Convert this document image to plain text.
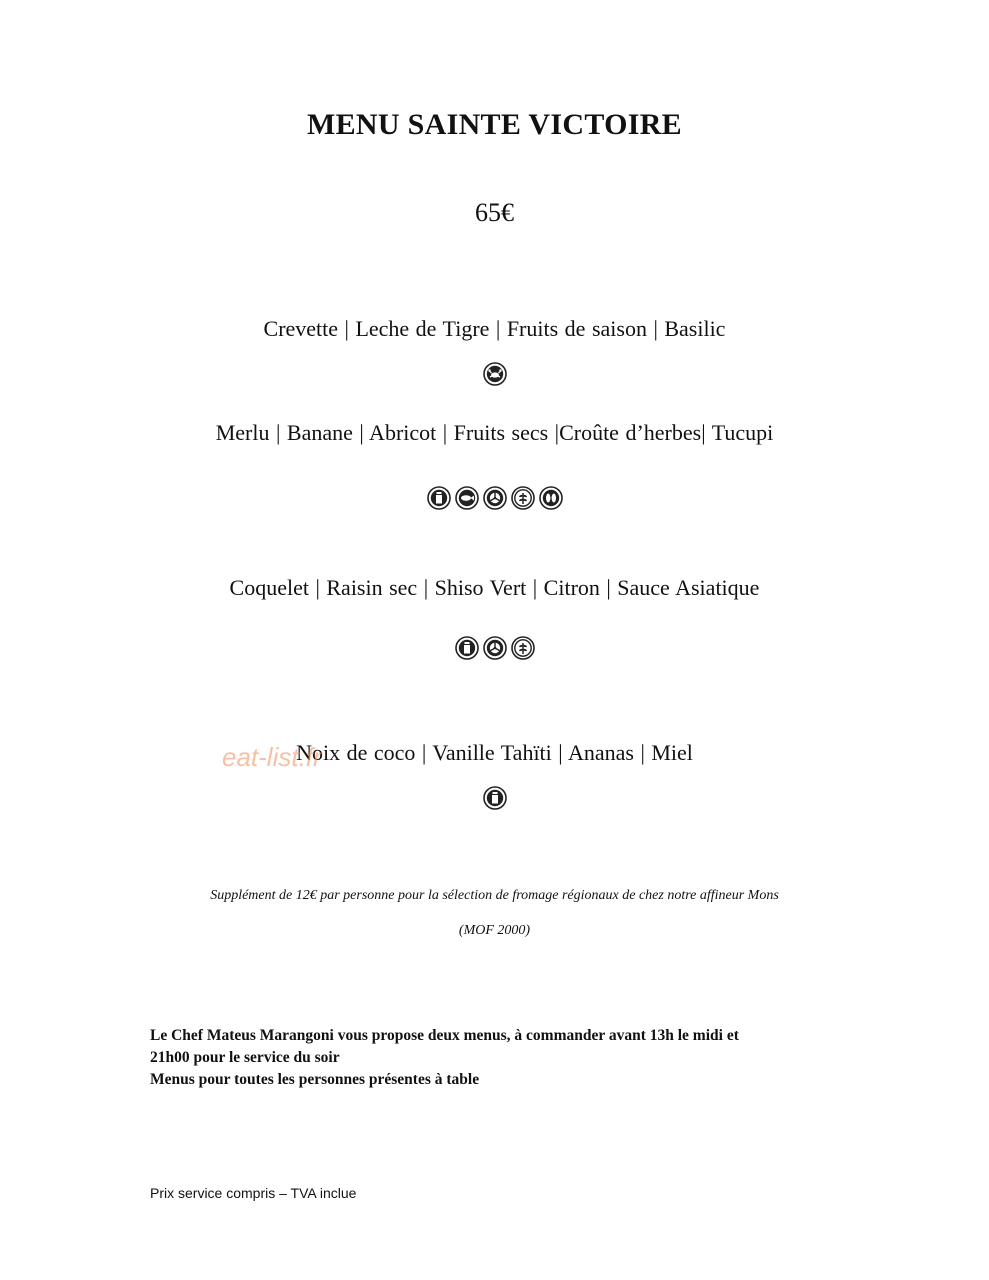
MENU SAINTE VICTOIRE
65€
Crevette | Leche de Tigre | Fruits de saison | Basilic
Merlu | Banane | Abricot | Fruits secs |Croûte d’herbes| Tucupi
Coquelet | Raisin sec | Shiso Vert | Citron | Sauce Asiatique
Noix de coco | Vanille Tahïti | Ananas | Miel
eat-list.fr
Supplément de 12€ par personne pour la sélection de fromage régionaux de chez notre affineur Mons
(MOF 2000)
Le Chef Mateus Marangoni vous propose deux menus, à commander avant 13h le midi et
21h00 pour le service du soir
Menus pour toutes les personnes présentes à table
Prix service compris – TVA inclue
